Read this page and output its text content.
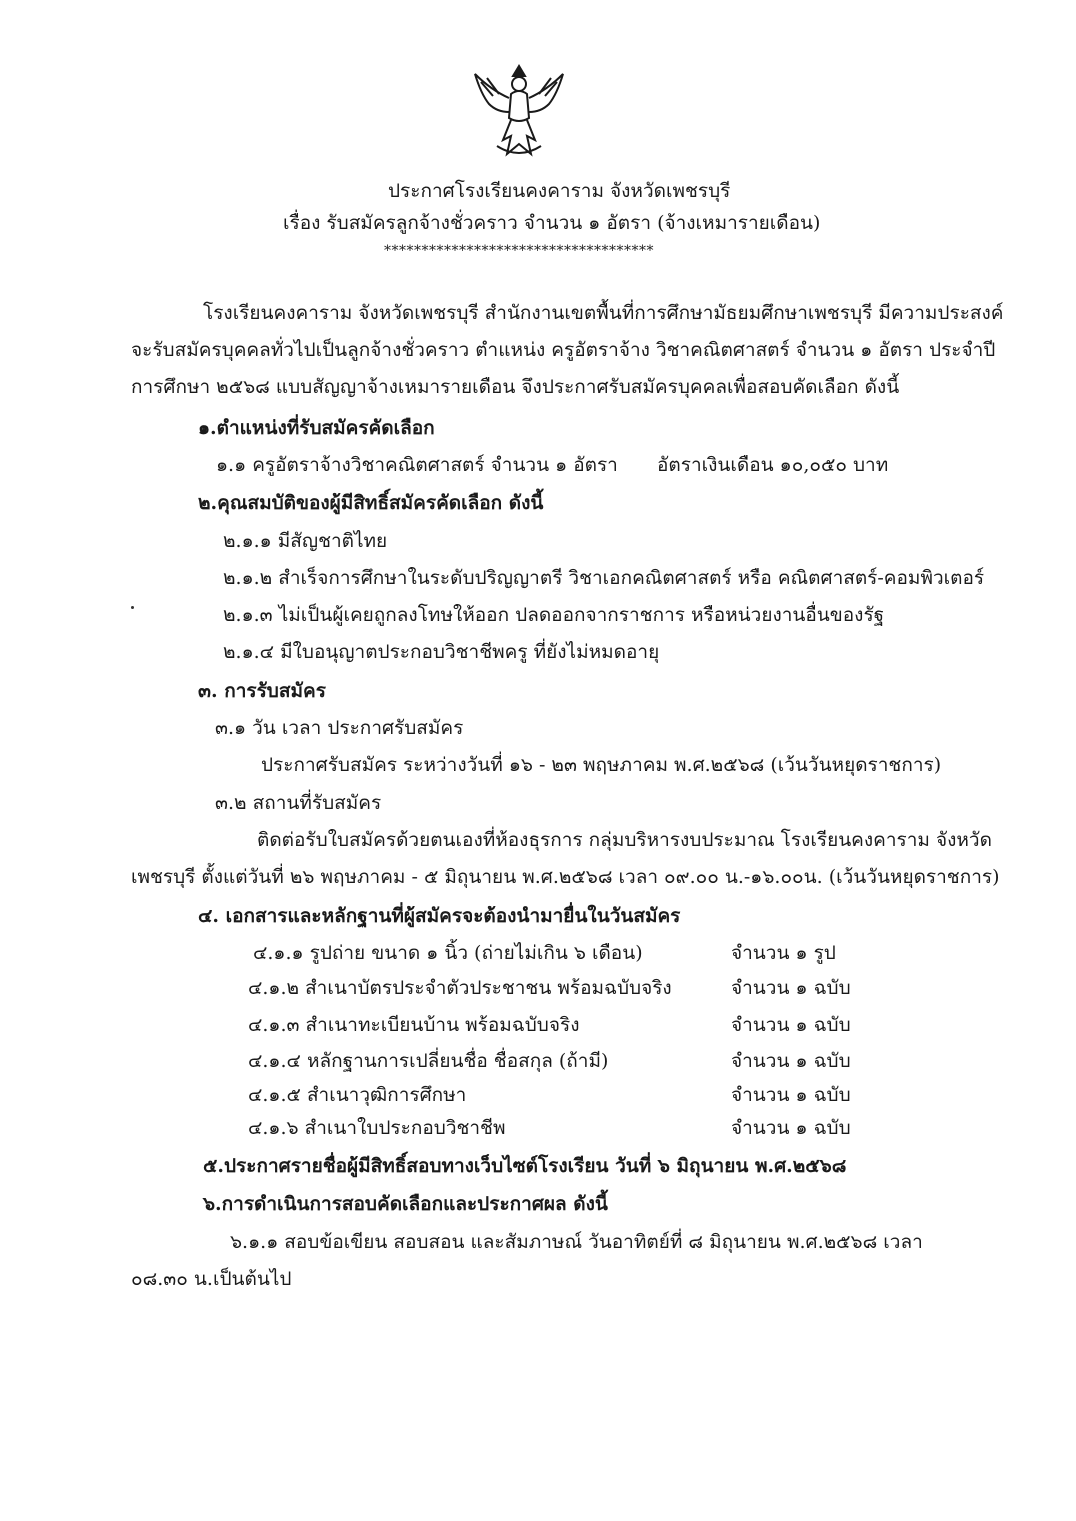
ประกาศโรงเรียนคงคาราม จังหวัดเพชรบุรี
เรื่อง รับสมัครลูกจ้างชั่วคราว จำนวน ๑ อัตรา (จ้างเหมารายเดือน)
************************************
โรงเรียนคงคาราม จังหวัดเพชรบุรี สำนักงานเขตพื้นที่การศึกษามัธยมศึกษาเพชรบุรี มีความประสงค์
จะรับสมัครบุคคลทั่วไปเป็นลูกจ้างชั่วคราว ตำแหน่ง ครูอัตราจ้าง วิชาคณิตศาสตร์ จำนวน ๑ อัตรา ประจำปี
การศึกษา ๒๕๖๘ แบบสัญญาจ้างเหมารายเดือน จึงประกาศรับสมัครบุคคลเพื่อสอบคัดเลือก ดังนี้
๑.ตำแหน่งที่รับสมัครคัดเลือก
๑.๑ ครูอัตราจ้างวิชาคณิตศาสตร์ จำนวน ๑ อัตรา อัตราเงินเดือน ๑๐,๐๕๐ บาท
๒.คุณสมบัติของผู้มีสิทธิ์สมัครคัดเลือก ดังนี้
๒.๑.๑ มีสัญชาติไทย
๒.๑.๒ สำเร็จการศึกษาในระดับปริญญาตรี วิชาเอกคณิตศาสตร์ หรือ คณิตศาสตร์-คอมพิวเตอร์
๒.๑.๓ ไม่เป็นผู้เคยถูกลงโทษให้ออก ปลดออกจากราชการ หรือหน่วยงานอื่นของรัฐ
๒.๑.๔ มีใบอนุญาตประกอบวิชาชีพครู ที่ยังไม่หมดอายุ
๓. การรับสมัคร
๓.๑ วัน เวลา ประกาศรับสมัคร
ประกาศรับสมัคร ระหว่างวันที่ ๑๖ - ๒๓ พฤษภาคม พ.ศ.๒๕๖๘ (เว้นวันหยุดราชการ)
๓.๒ สถานที่รับสมัคร
ติดต่อรับใบสมัครด้วยตนเองที่ห้องธุรการ กลุ่มบริหารงบประมาณ โรงเรียนคงคาราม จังหวัด
เพชรบุรี ตั้งแต่วันที่ ๒๖ พฤษภาคม - ๕ มิถุนายน พ.ศ.๒๕๖๘ เวลา ๐๙.๐๐ น.-๑๖.๐๐น. (เว้นวันหยุดราชการ)
๔. เอกสารและหลักฐานที่ผู้สมัครจะต้องนำมายื่นในวันสมัคร
๔.๑.๑ รูปถ่าย ขนาด ๑ นิ้ว (ถ่ายไม่เกิน ๖ เดือน)	จำนวน ๑ รูป
๔.๑.๒ สำเนาบัตรประจำตัวประชาชน พร้อมฉบับจริง	จำนวน ๑ ฉบับ
๔.๑.๓ สำเนาทะเบียนบ้าน พร้อมฉบับจริง	จำนวน ๑ ฉบับ
๔.๑.๔ หลักฐานการเปลี่ยนชื่อ ชื่อสกุล (ถ้ามี)	จำนวน ๑ ฉบับ
๔.๑.๕ สำเนาวุฒิการศึกษา	จำนวน ๑ ฉบับ
๔.๑.๖ สำเนาใบประกอบวิชาชีพ	จำนวน ๑ ฉบับ
๕.ประกาศรายชื่อผู้มีสิทธิ์สอบทางเว็บไซต์โรงเรียน วันที่ ๖ มิถุนายน พ.ศ.๒๕๖๘
๖.การดำเนินการสอบคัดเลือกและประกาศผล ดังนี้
๖.๑.๑ สอบข้อเขียน สอบสอน และสัมภาษณ์ วันอาทิตย์ที่ ๘ มิถุนายน พ.ศ.๒๕๖๘ เวลา
๐๘.๓๐ น.เป็นต้นไป
